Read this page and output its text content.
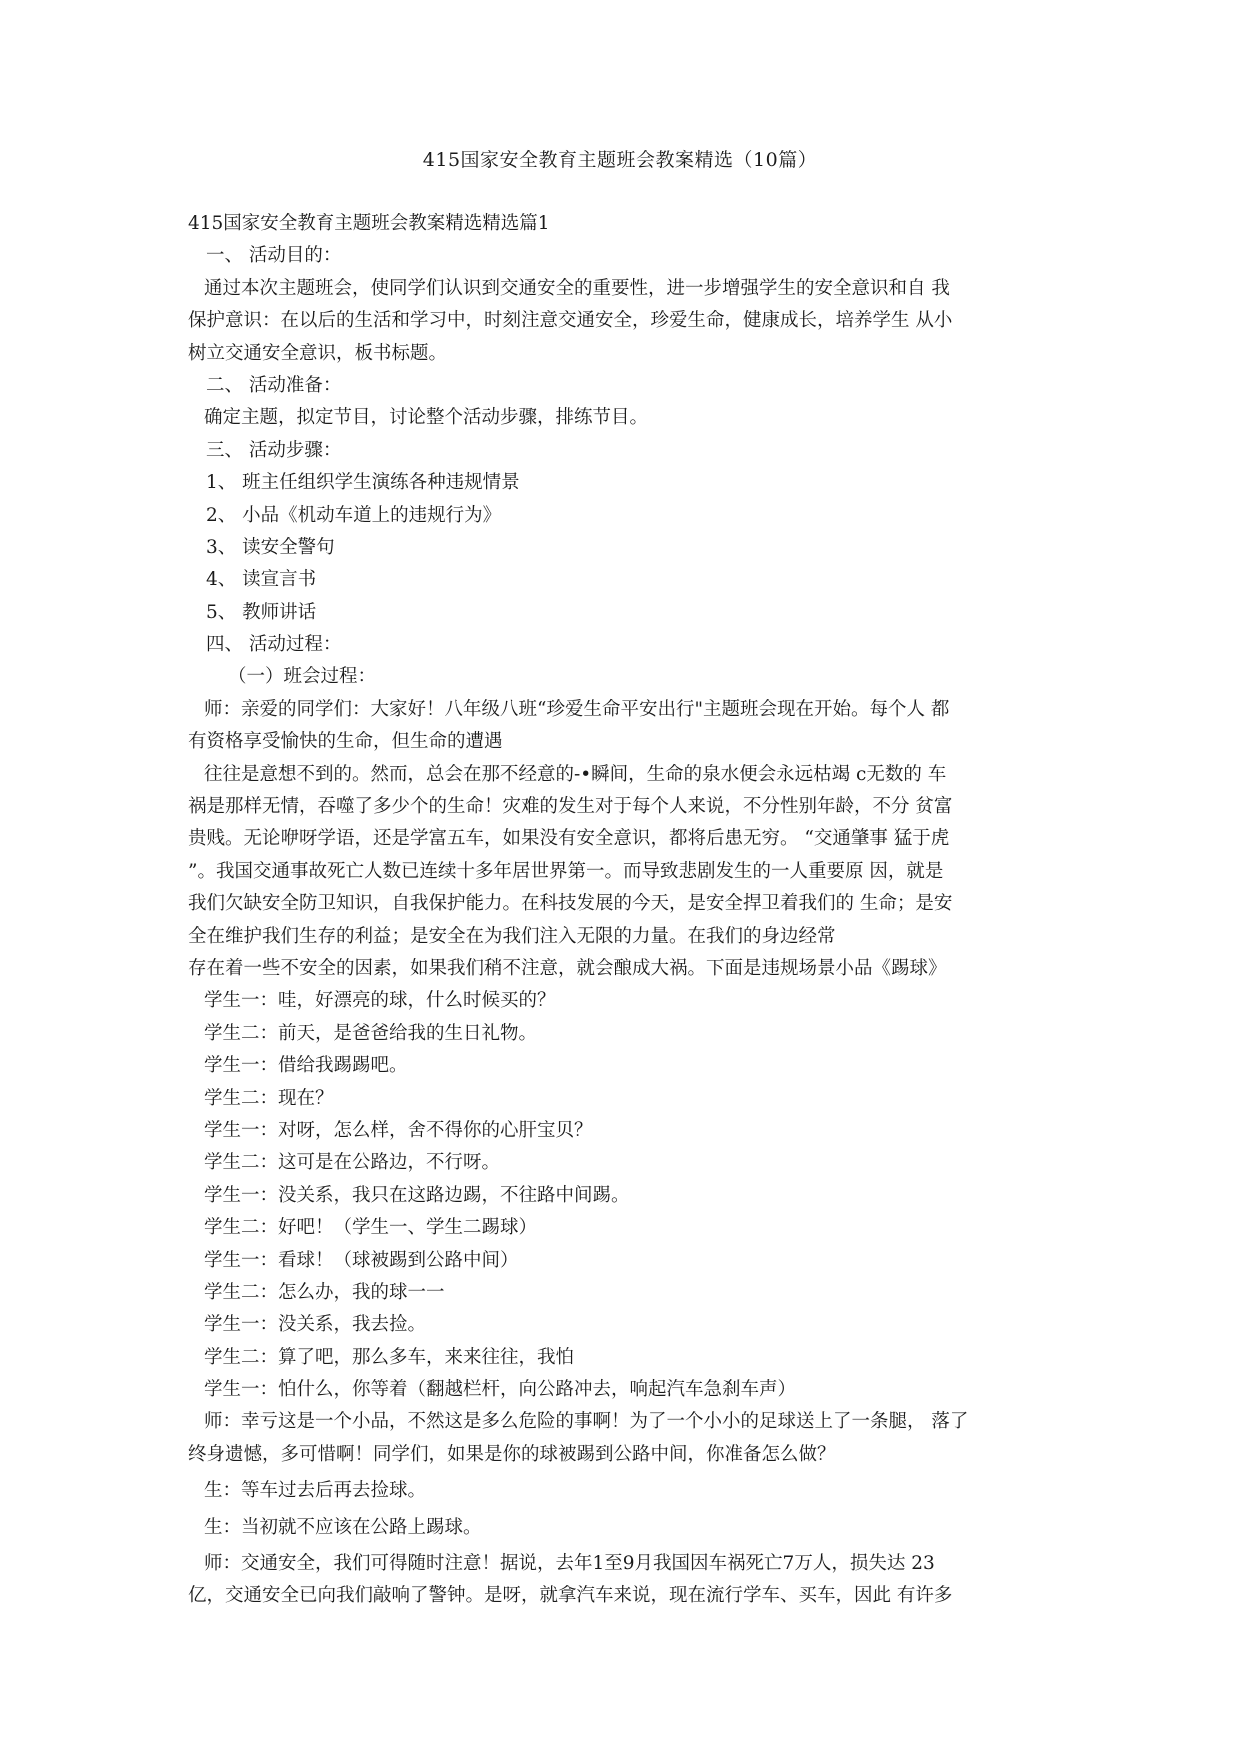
415国家安全教育主题班会教案精选（10篇）
415国家安全教育主题班会教案精选精选篇1
一、 活动目的：
通过本次主题班会，使同学们认识到交通安全的重要性，进一步增强学生的安全意识和自 我
保护意识：在以后的生活和学习中，时刻注意交通安全，珍爱生命，健康成长，培养学生 从小
树立交通安全意识，板书标题。
二、 活动准备：
确定主题，拟定节目，讨论整个活动步骤，排练节目。
三、 活动步骤：
1、 班主任组织学生演练各种违规情景
2、 小品《机动车道上的违规行为》
3、 读安全警句
4、 读宣言书
5、 教师讲话
四、 活动过程：
（一）班会过程：
师：亲爱的同学们：大家好！八年级八班“珍爱生命平安出行"主题班会现在开始。每个人 都
有资格享受愉快的生命，但生命的遭遇
往往是意想不到的。然而，总会在那不经意的-•瞬间，生命的泉水便会永远枯竭 c无数的 车
祸是那样无情，吞噬了多少个的生命！灾难的发生对于每个人来说，不分性别年龄，不分 贫富
贵贱。无论咿呀学语，还是学富五车，如果没有安全意识，都将后患无穷。 “交通肇事 猛于虎
”。我国交通事故死亡人数已连续十多年居世界第一。而导致悲剧发生的一人重要原 因，就是
我们欠缺安全防卫知识，自我保护能力。在科技发展的今天，是安全捍卫着我们的 生命；是安
全在维护我们生存的利益；是安全在为我们注入无限的力量。在我们的身边经常
存在着一些不安全的因素，如果我们稍不注意，就会酿成大祸。下面是违规场景小品《踢球》
学生一：哇，好漂亮的球，什么时候买的？
学生二：前天，是爸爸给我的生日礼物。
学生一：借给我踢踢吧。
学生二：现在？
学生一：对呀，怎么样，舍不得你的心肝宝贝？
学生二：这可是在公路边，不行呀。
学生一：没关系，我只在这路边踢，不往路中间踢。
学生二：好吧！（学生一、学生二踢球）
学生一：看球！（球被踢到公路中间）
学生二：怎么办，我的球一一
学生一：没关系，我去捡。
学生二：算了吧，那么多车，来来往往，我怕
学生一：怕什么，你等着（翻越栏杆，向公路冲去，响起汽车急刹车声）
师：幸亏这是一个小品，不然这是多么危险的事啊！为了一个小小的足球送上了一条腿， 落了
终身遗憾，多可惜啊！同学们，如果是你的球被踢到公路中间，你准备怎么做？
生：等车过去后再去捡球。
生：当初就不应该在公路上踢球。
师：交通安全，我们可得随时注意！据说，去年1至9月我国因车祸死亡7万人，损失达 23
亿，交通安全已向我们敲响了警钟。是呀，就拿汽车来说，现在流行学车、买车，因此 有许多
